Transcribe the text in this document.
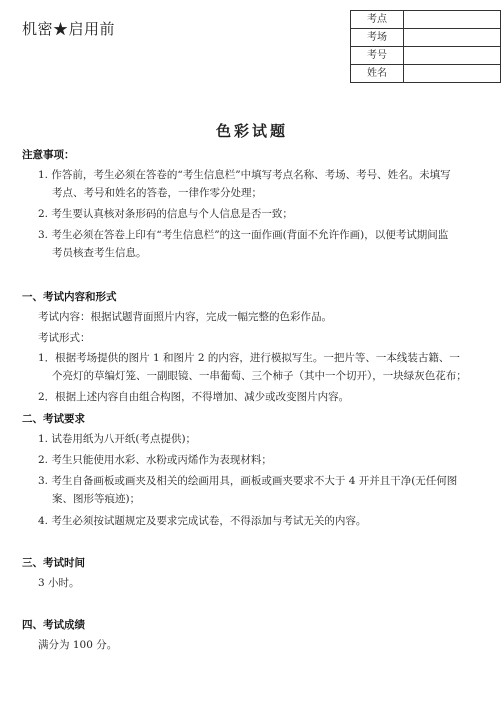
机密★启用前
考点	
考场	
考号	
姓名	
色彩试题
注意事项：
1. 作答前，考生必须在答卷的“考生信息栏”中填写考点名称、考场、考号、姓名。未填写
考点、考号和姓名的答卷，一律作零分处理；
2. 考生要认真核对条形码的信息与个人信息是否一致；
3. 考生必须在答卷上印有“考生信息栏”的这一面作画(背面不允许作画)，以便考试期间监
考员核查考生信息。
一、考试内容和形式
考试内容：根据试题背面照片内容，完成一幅完整的色彩作品。
考试形式：
1．根据考场提供的图片 1 和图片 2 的内容，进行模拟写生。一把片等、一本线装古籍、一
个亮灯的草编灯笼、一副眼镜、一串葡萄、三个柿子（其中一个切开），一块绿灰色花布；
2．根据上述内容自由组合构图，不得增加、减少或改变图片内容。
二、考试要求
1. 试卷用纸为八开纸(考点提供)；
2. 考生只能使用水彩、水粉或丙烯作为表现材料；
3. 考生自备画板或画夹及相关的绘画用具，画板或画夹要求不大于 4 开并且干净(无任何图
案、图形等痕迹)；
4. 考生必须按试题规定及要求完成试卷，不得添加与考试无关的内容。
三、考试时间
3 小时。
四、考试成绩
满分为 100 分。
